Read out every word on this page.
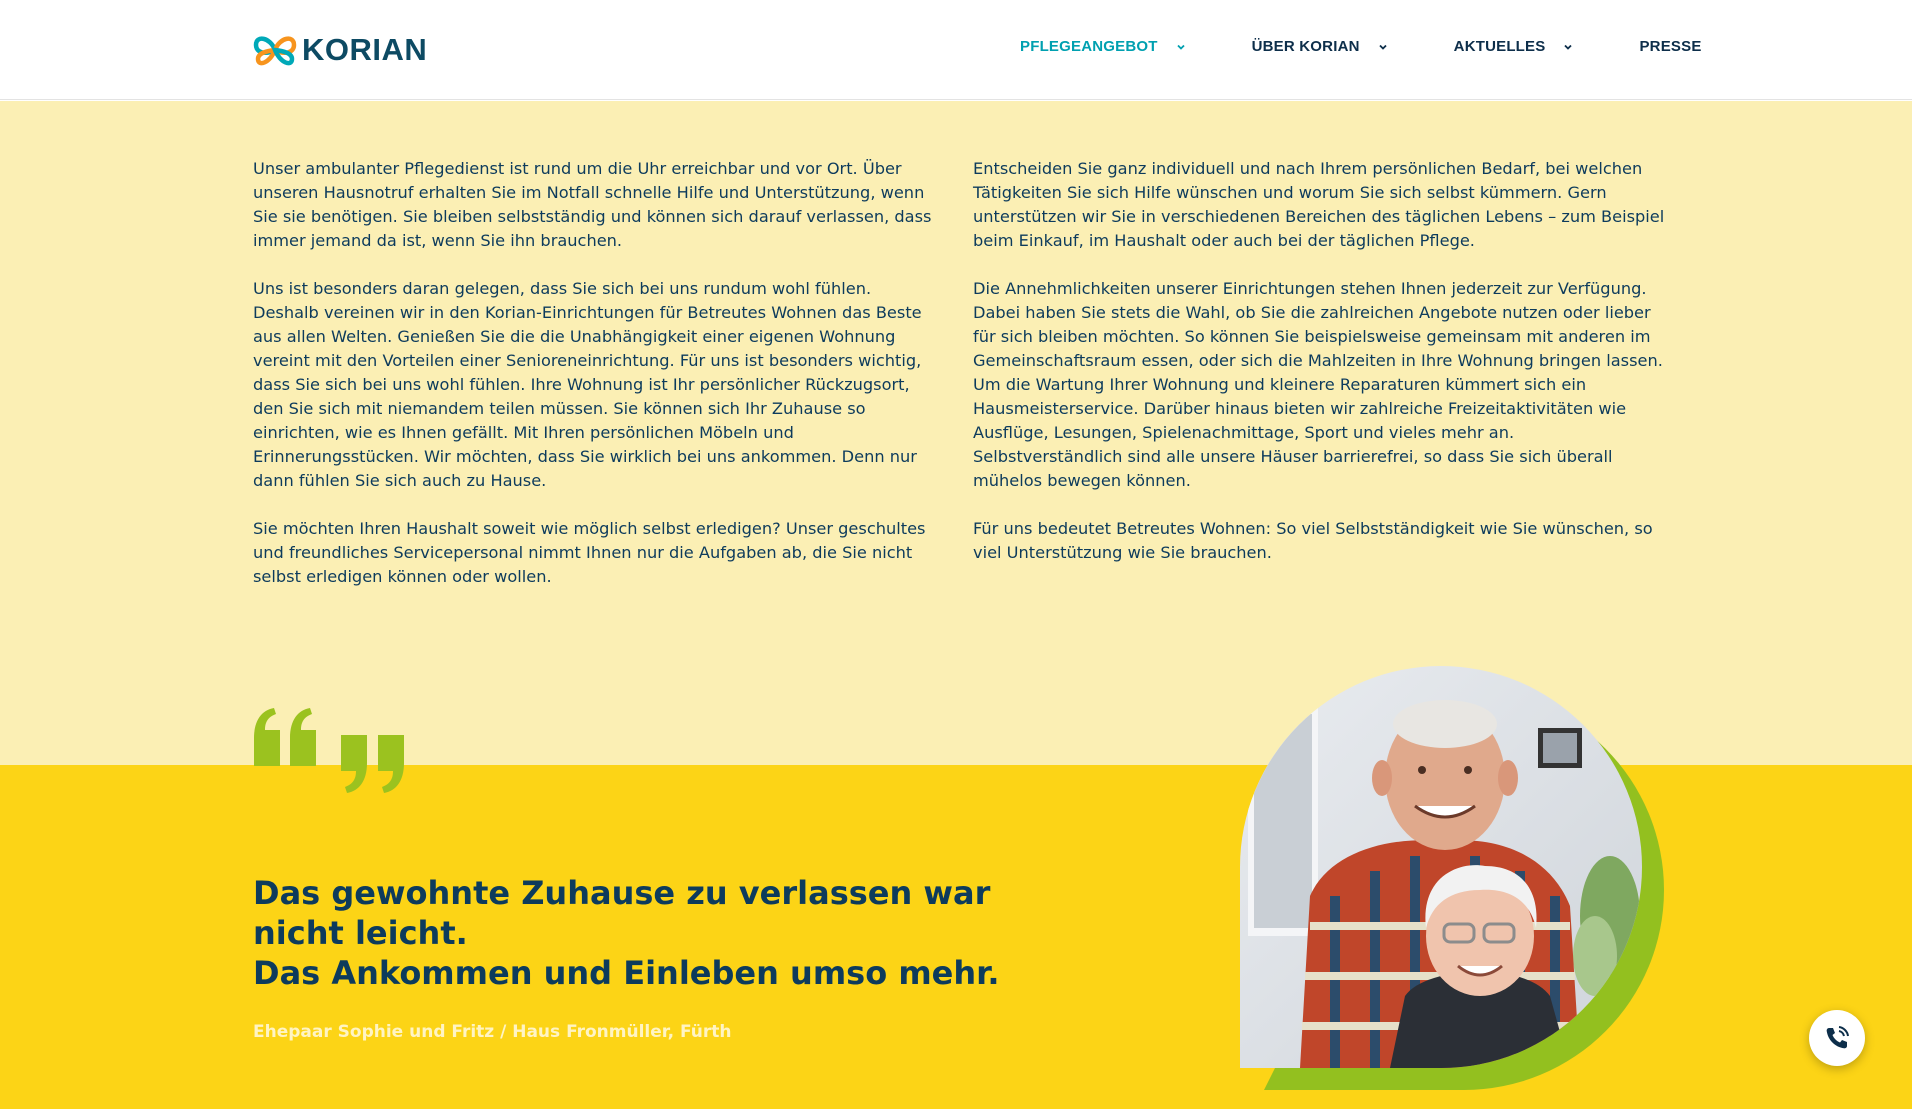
KORIAN	PFLEGEANGEBOT	ÜBER KORIAN	AKTUELLES	PRESSE

Unser ambulanter Pflegedienst ist rund um die Uhr erreichbar und vor Ort. Über unseren Hausnotruf erhalten Sie im Notfall schnelle Hilfe und Unterstützung, wenn Sie sie benötigen. Sie bleiben selbstständig und können sich darauf verlassen, dass immer jemand da ist, wenn Sie ihn brauchen.

Uns ist besonders daran gelegen, dass Sie sich bei uns rundum wohl fühlen. Deshalb vereinen wir in den Korian-Einrichtungen für Betreutes Wohnen das Beste aus allen Welten. Genießen Sie die die Unabhängigkeit einer eigenen Wohnung vereint mit den Vorteilen einer Senioreneinrichtung. Für uns ist besonders wichtig, dass Sie sich bei uns wohl fühlen. Ihre Wohnung ist Ihr persönlicher Rückzugsort, den Sie sich mit niemandem teilen müssen. Sie können sich Ihr Zuhause so einrichten, wie es Ihnen gefällt. Mit Ihren persönlichen Möbeln und Erinnerungsstücken. Wir möchten, dass Sie wirklich bei uns ankommen. Denn nur dann fühlen Sie sich auch zu Hause.

Sie möchten Ihren Haushalt soweit wie möglich selbst erledigen? Unser geschultes und freundliches Servicepersonal nimmt Ihnen nur die Aufgaben ab, die Sie nicht selbst erledigen können oder wollen.

Entscheiden Sie ganz individuell und nach Ihrem persönlichen Bedarf, bei welchen Tätigkeiten Sie sich Hilfe wünschen und worum Sie sich selbst kümmern. Gern unterstützen wir Sie in verschiedenen Bereichen des täglichen Lebens – zum Beispiel beim Einkauf, im Haushalt oder auch bei der täglichen Pflege.

Die Annehmlichkeiten unserer Einrichtungen stehen Ihnen jederzeit zur Verfügung. Dabei haben Sie stets die Wahl, ob Sie die zahlreichen Angebote nutzen oder lieber für sich bleiben möchten. So können Sie beispielsweise gemeinsam mit anderen im Gemeinschaftsraum essen, oder sich die Mahlzeiten in Ihre Wohnung bringen lassen. Um die Wartung Ihrer Wohnung und kleinere Reparaturen kümmert sich ein Hausmeisterservice. Darüber hinaus bieten wir zahlreiche Freizeitaktivitäten wie Ausflüge, Lesungen, Spielenachmittage, Sport und vieles mehr an. Selbstverständlich sind alle unsere Häuser barrierefrei, so dass Sie sich überall mühelos bewegen können.

Für uns bedeutet Betreutes Wohnen: So viel Selbstständigkeit wie Sie wünschen, so viel Unterstützung wie Sie brauchen.

Das gewohnte Zuhause zu verlassen war nicht leicht.
Das Ankommen und Einleben umso mehr.
Ehepaar Sophie und Fritz / Haus Fronmüller, Fürth
